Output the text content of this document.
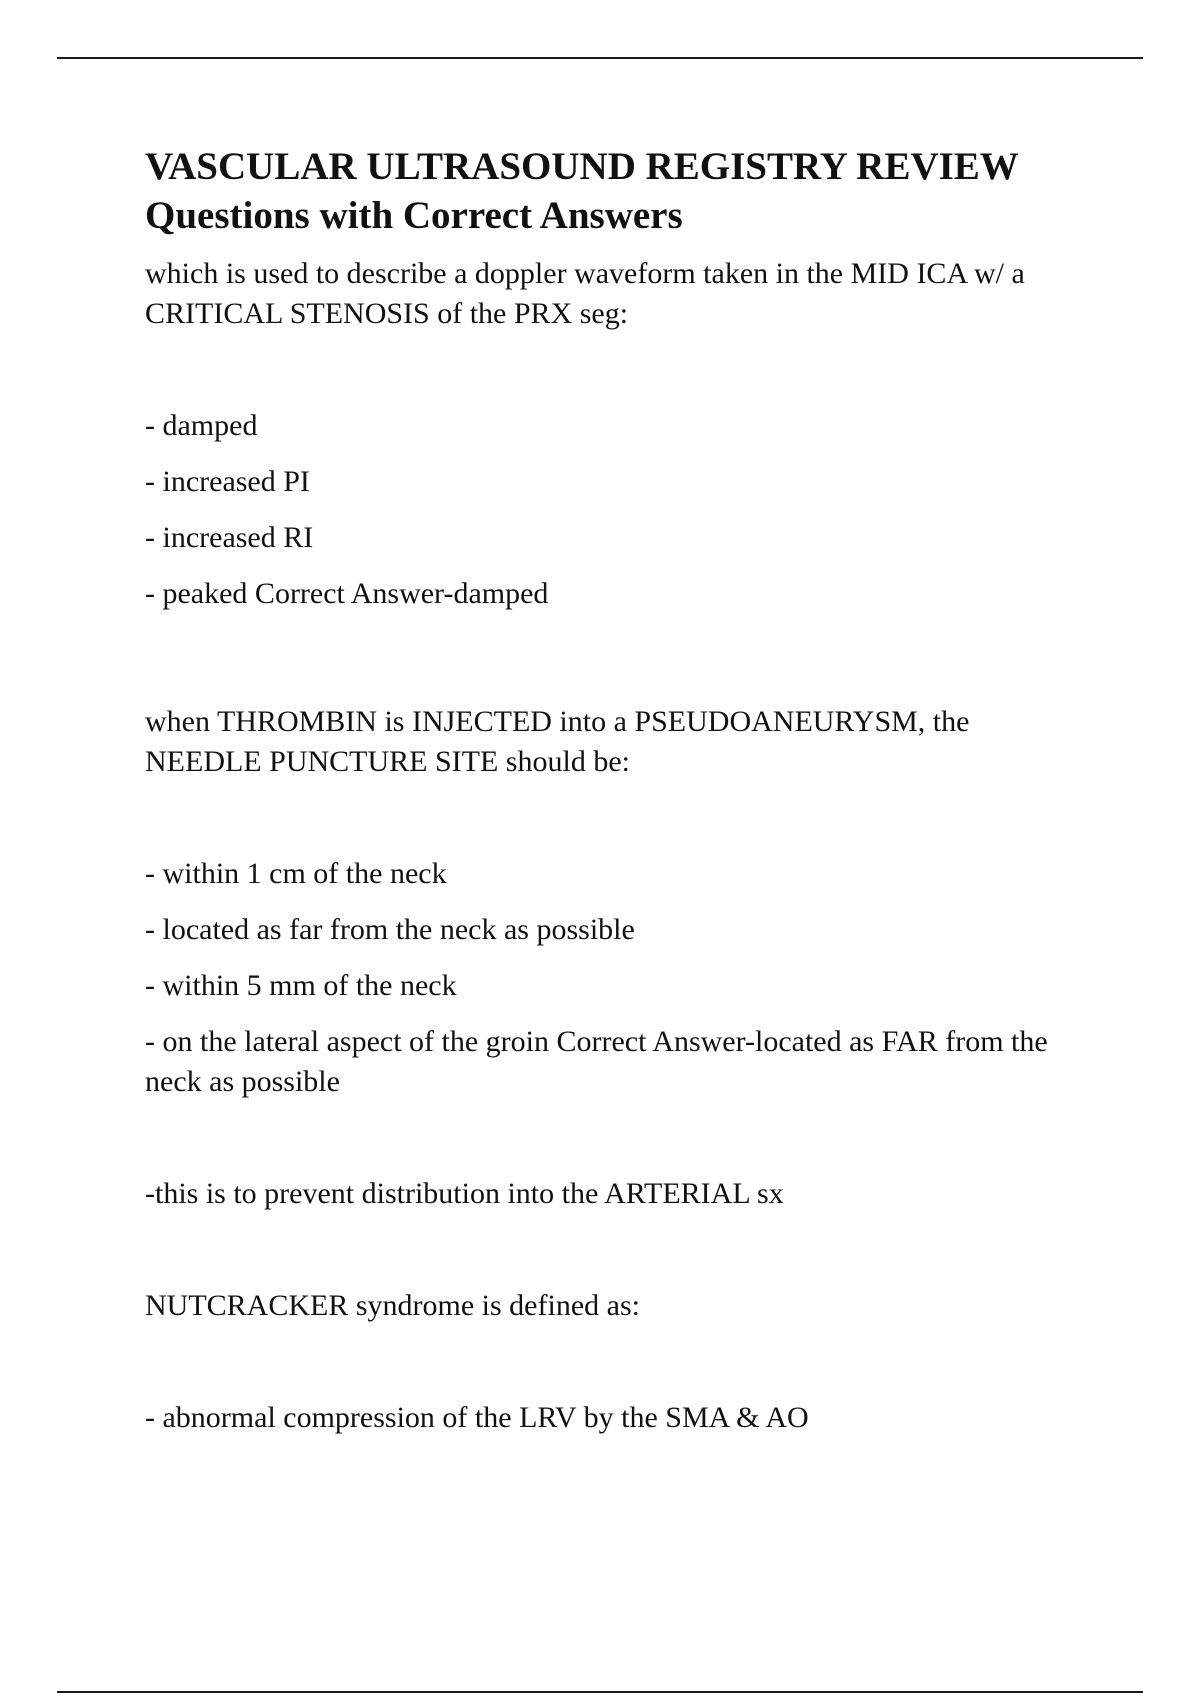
VASCULAR ULTRASOUND REGISTRY REVIEW
Questions with Correct Answers

which is used to describe a doppler waveform taken in the MID ICA w/ a CRITICAL STENOSIS of the PRX seg:

- damped

- increased PI

- increased RI

- peaked Correct Answer-damped

when THROMBIN is INJECTED into a PSEUDOANEURYSM, the NEEDLE PUNCTURE SITE should be:

- within 1 cm of the neck

- located as far from the neck as possible

- within 5 mm of the neck

- on the lateral aspect of the groin Correct Answer-located as FAR from the neck as possible

-this is to prevent distribution into the ARTERIAL sx

NUTCRACKER syndrome is defined as:

- abnormal compression of the LRV by the SMA & AO
